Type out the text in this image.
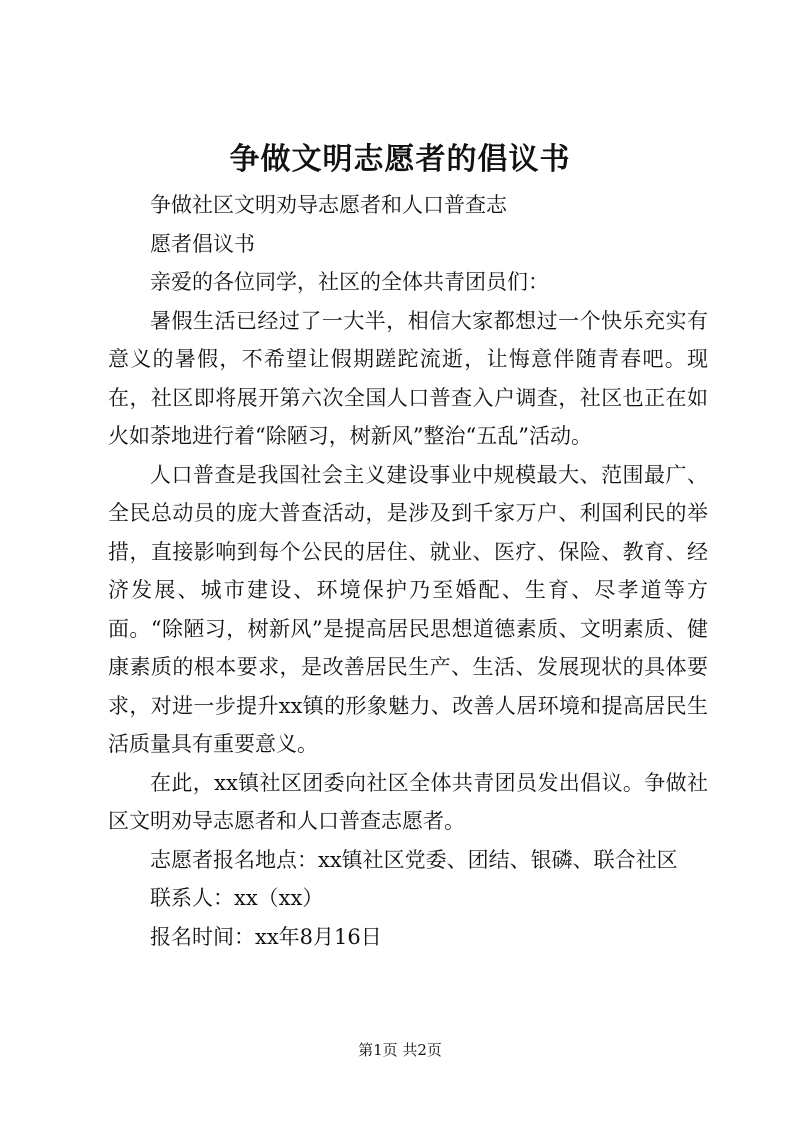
争做文明志愿者的倡议书

争做社区文明劝导志愿者和人口普查志

愿者倡议书

亲爱的各位同学，社区的全体共青团员们：

暑假生活已经过了一大半，相信大家都想过一个快乐充实有意义的暑假，不希望让假期蹉跎流逝，让悔意伴随青春吧。现在，社区即将展开第六次全国人口普查入户调查，社区也正在如火如荼地进行着“除陋习，树新风”整治“五乱”活动。

人口普查是我国社会主义建设事业中规模最大、范围最广、全民总动员的庞大普查活动，是涉及到千家万户、利国利民的举措，直接影响到每个公民的居住、就业、医疗、保险、教育、经济发展、城市建设、环境保护乃至婚配、生育、尽孝道等方面。“除陋习，树新风”是提高居民思想道德素质、文明素质、健康素质的根本要求，是改善居民生产、生活、发展现状的具体要求，对进一步提升xx镇的形象魅力、改善人居环境和提高居民生活质量具有重要意义。

在此，xx镇社区团委向社区全体共青团员发出倡议。争做社区文明劝导志愿者和人口普查志愿者。

志愿者报名地点：xx镇社区党委、团结、银磷、联合社区

联系人：xx（xx）

报名时间：xx年8月16日

第1页 共2页
